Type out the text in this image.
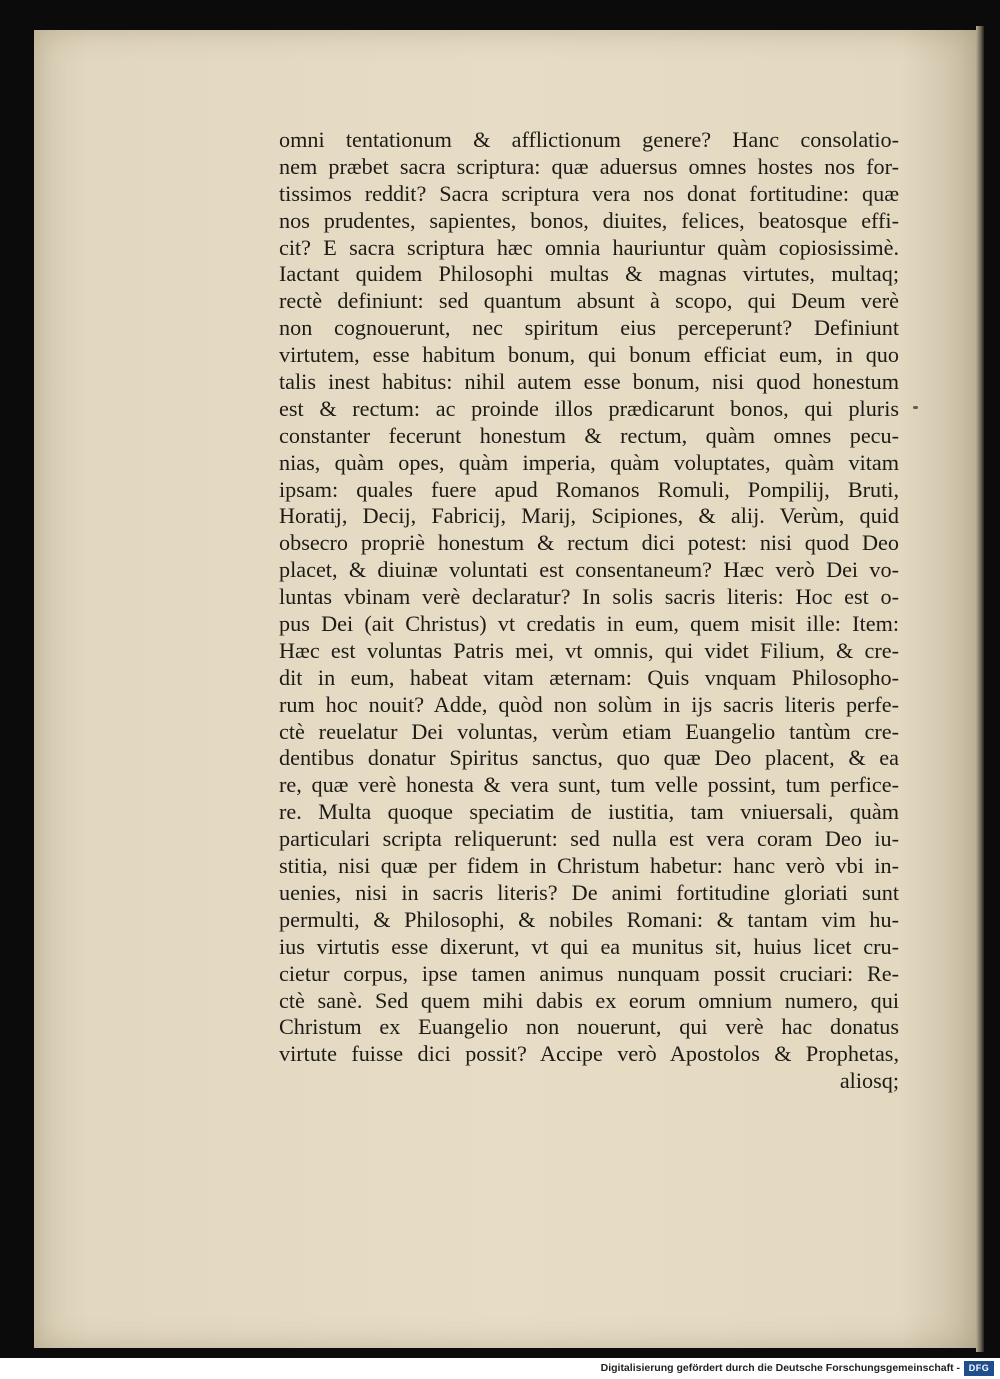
omni tentationum & afflictionum genere? Hanc consolatio-
nem præbet sacra scriptura: quæ aduersus omnes hostes nos for-
tissimos reddit? Sacra scriptura vera nos donat fortitudine: quæ
nos prudentes, sapientes, bonos, diuites, felices, beatosque effi-
cit? E sacra scriptura hæc omnia hauriuntur quàm copiosissimè.
Iactant quidem Philosophi multas & magnas virtutes, multaq;
rectè definiunt: sed quantum absunt à scopo, qui Deum verè
non cognouerunt, nec spiritum eius perceperunt? Definiunt
virtutem, esse habitum bonum, qui bonum efficiat eum, in quo
talis inest habitus: nihil autem esse bonum, nisi quod honestum
est & rectum: ac proinde illos prædicarunt bonos, qui pluris
constanter fecerunt honestum & rectum, quàm omnes pecu-
nias, quàm opes, quàm imperia, quàm voluptates, quàm vitam
ipsam: quales fuere apud Romanos Romuli, Pompilij, Bruti,
Horatij, Decij, Fabricij, Marij, Scipiones, & alij. Verùm, quid
obsecro propriè honestum & rectum dici potest: nisi quod Deo
placet, & diuinæ voluntati est consentaneum? Hæc verò Dei vo-
luntas vbinam verè declaratur? In solis sacris literis: Hoc est o-
pus Dei (ait Christus) vt credatis in eum, quem misit ille: Item:
Hæc est voluntas Patris mei, vt omnis, qui videt Filium, & cre-
dit in eum, habeat vitam æternam: Quis vnquam Philosopho-
rum hoc nouit? Adde, quòd non solùm in ijs sacris literis perfe-
ctè reuelatur Dei voluntas, verùm etiam Euangelio tantùm cre-
dentibus donatur Spiritus sanctus, quo quæ Deo placent, & ea
re, quæ verè honesta & vera sunt, tum velle possint, tum perfice-
re. Multa quoque speciatim de iustitia, tam vniuersali, quàm
particulari scripta reliquerunt: sed nulla est vera coram Deo iu-
stitia, nisi quæ per fidem in Christum habetur: hanc verò vbi in-
uenies, nisi in sacris literis? De animi fortitudine gloriati sunt
permulti, & Philosophi, & nobiles Romani: & tantam vim hu-
ius virtutis esse dixerunt, vt qui ea munitus sit, huius licet cru-
cietur corpus, ipse tamen animus nunquam possit cruciari: Re-
ctè sanè. Sed quem mihi dabis ex eorum omnium numero, qui
Christum ex Euangelio non nouerunt, qui verè hac donatus
virtute fuisse dici possit? Accipe verò Apostolos & Prophetas,
aliosq;
Digitalisierung gefördert durch die Deutsche Forschungsgemeinschaft - DFG
